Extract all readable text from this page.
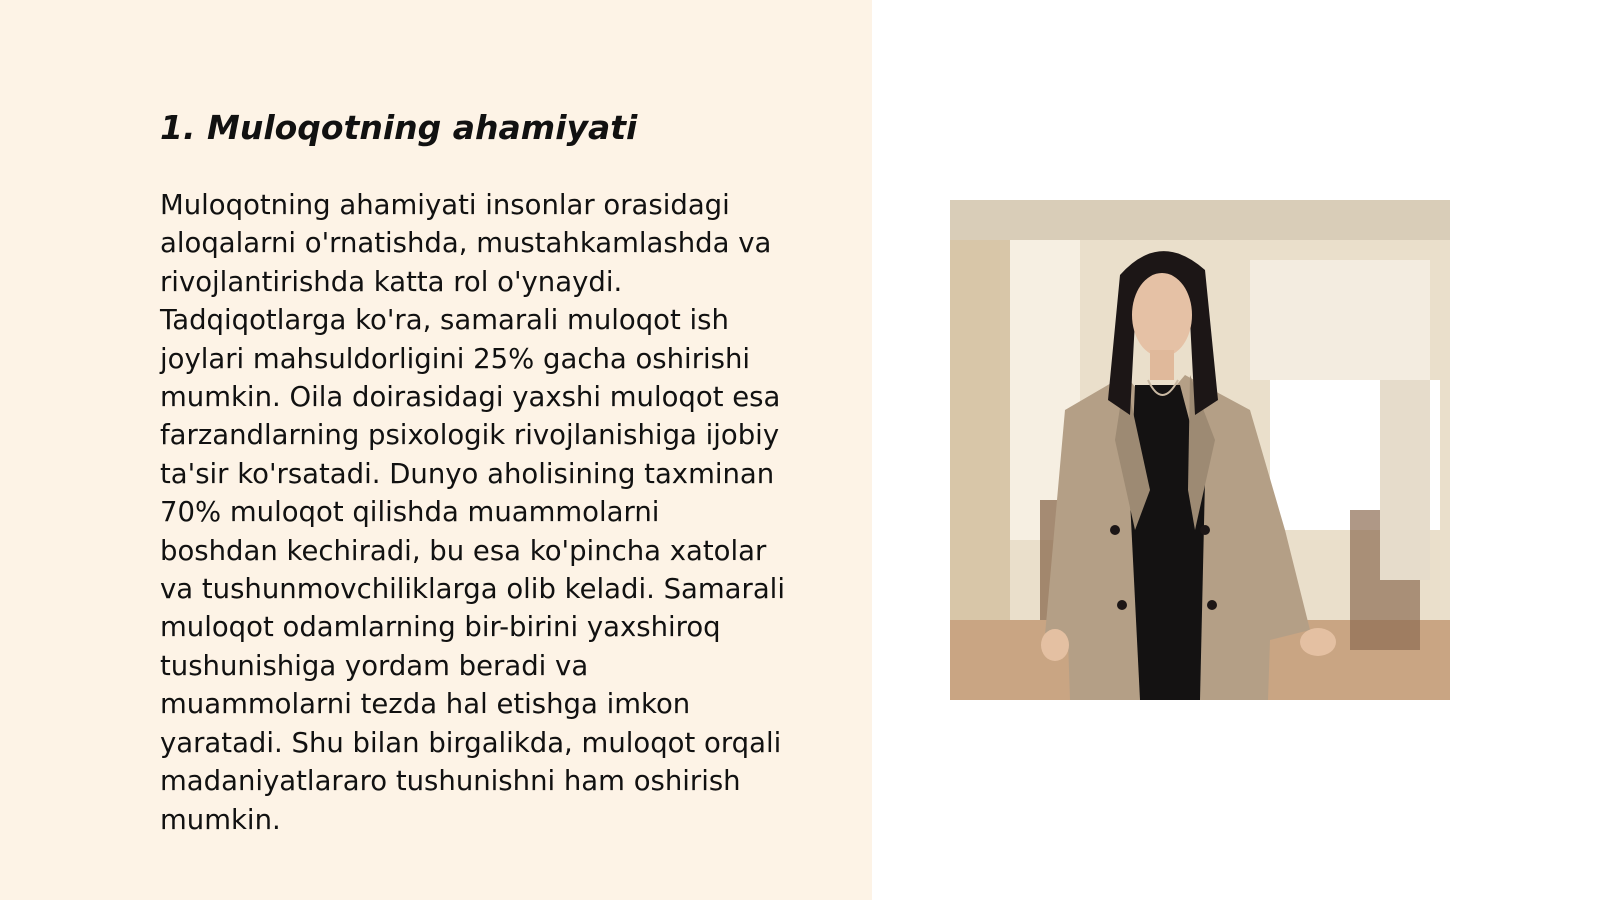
1. Muloqotning ahamiyati
Muloqotning ahamiyati insonlar orasidagi
aloqalarni o'rnatishda, mustahkamlashda va
rivojlantirishda katta rol o'ynaydi.
Tadqiqotlarga ko'ra, samarali muloqot ish
joylari mahsuldorligini 25% gacha oshirishi
mumkin. Oila doirasidagi yaxshi muloqot esa
farzandlarning psixologik rivojlanishiga ijobiy
ta'sir ko'rsatadi. Dunyo aholisining taxminan
70% muloqot qilishda muammolarni
boshdan kechiradi, bu esa ko'pincha xatolar
va tushunmovchiliklarga olib keladi. Samarali
muloqot odamlarning bir-birini yaxshiroq
tushunishiga yordam beradi va
muammolarni tezda hal etishga imkon
yaratadi. Shu bilan birgalikda, muloqot orqali
madaniyatlararo tushunishni ham oshirish
mumkin.
